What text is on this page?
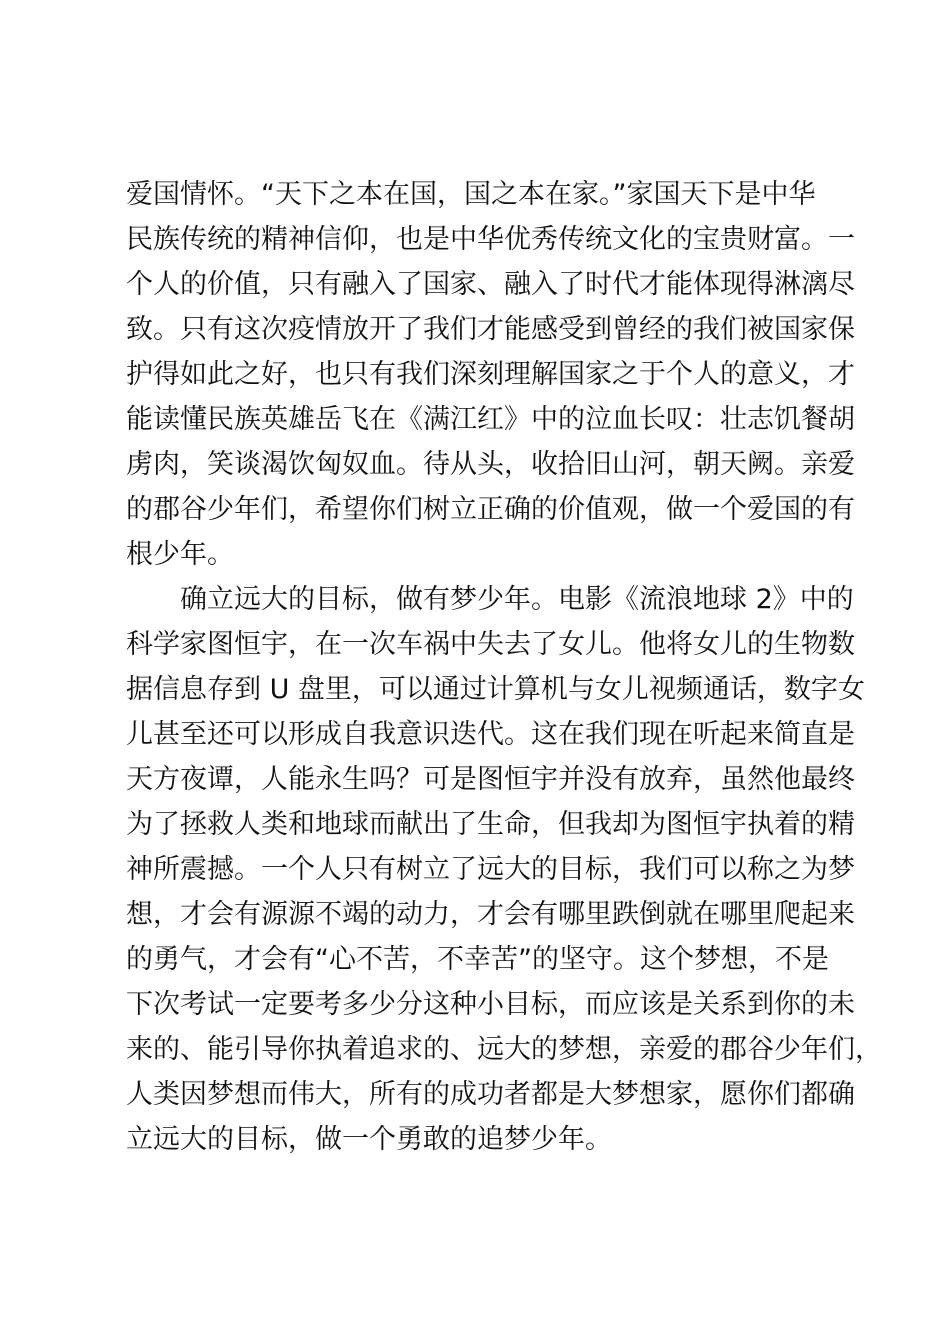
爱国情怀。“天下之本在国，国之本在家。”家国天下是中华
民族传统的精神信仰，也是中华优秀传统文化的宝贵财富。一
个人的价值，只有融入了国家、融入了时代才能体现得淋漓尽
致。只有这次疫情放开了我们才能感受到曾经的我们被国家保
护得如此之好，也只有我们深刻理解国家之于个人的意义，才
能读懂民族英雄岳飞在《满江红》中的泣血长叹：壮志饥餐胡
虏肉，笑谈渴饮匈奴血。待从头，收拾旧山河，朝天阙。亲爱
的郡谷少年们，希望你们树立正确的价值观，做一个爱国的有
根少年。
　　确立远大的目标，做有梦少年。电影《流浪地球 2》中的
科学家图恒宇，在一次车祸中失去了女儿。他将女儿的生物数
据信息存到 U 盘里，可以通过计算机与女儿视频通话，数字女
儿甚至还可以形成自我意识迭代。这在我们现在听起来简直是
天方夜谭，人能永生吗？可是图恒宇并没有放弃，虽然他最终
为了拯救人类和地球而献出了生命，但我却为图恒宇执着的精
神所震撼。一个人只有树立了远大的目标，我们可以称之为梦
想，才会有源源不竭的动力，才会有哪里跌倒就在哪里爬起来
的勇气，才会有“心不苦，不幸苦”的坚守。这个梦想，不是
下次考试一定要考多少分这种小目标，而应该是关系到你的未
来的、能引导你执着追求的、远大的梦想，亲爱的郡谷少年们，
人类因梦想而伟大，所有的成功者都是大梦想家，愿你们都确
立远大的目标，做一个勇敢的追梦少年。
